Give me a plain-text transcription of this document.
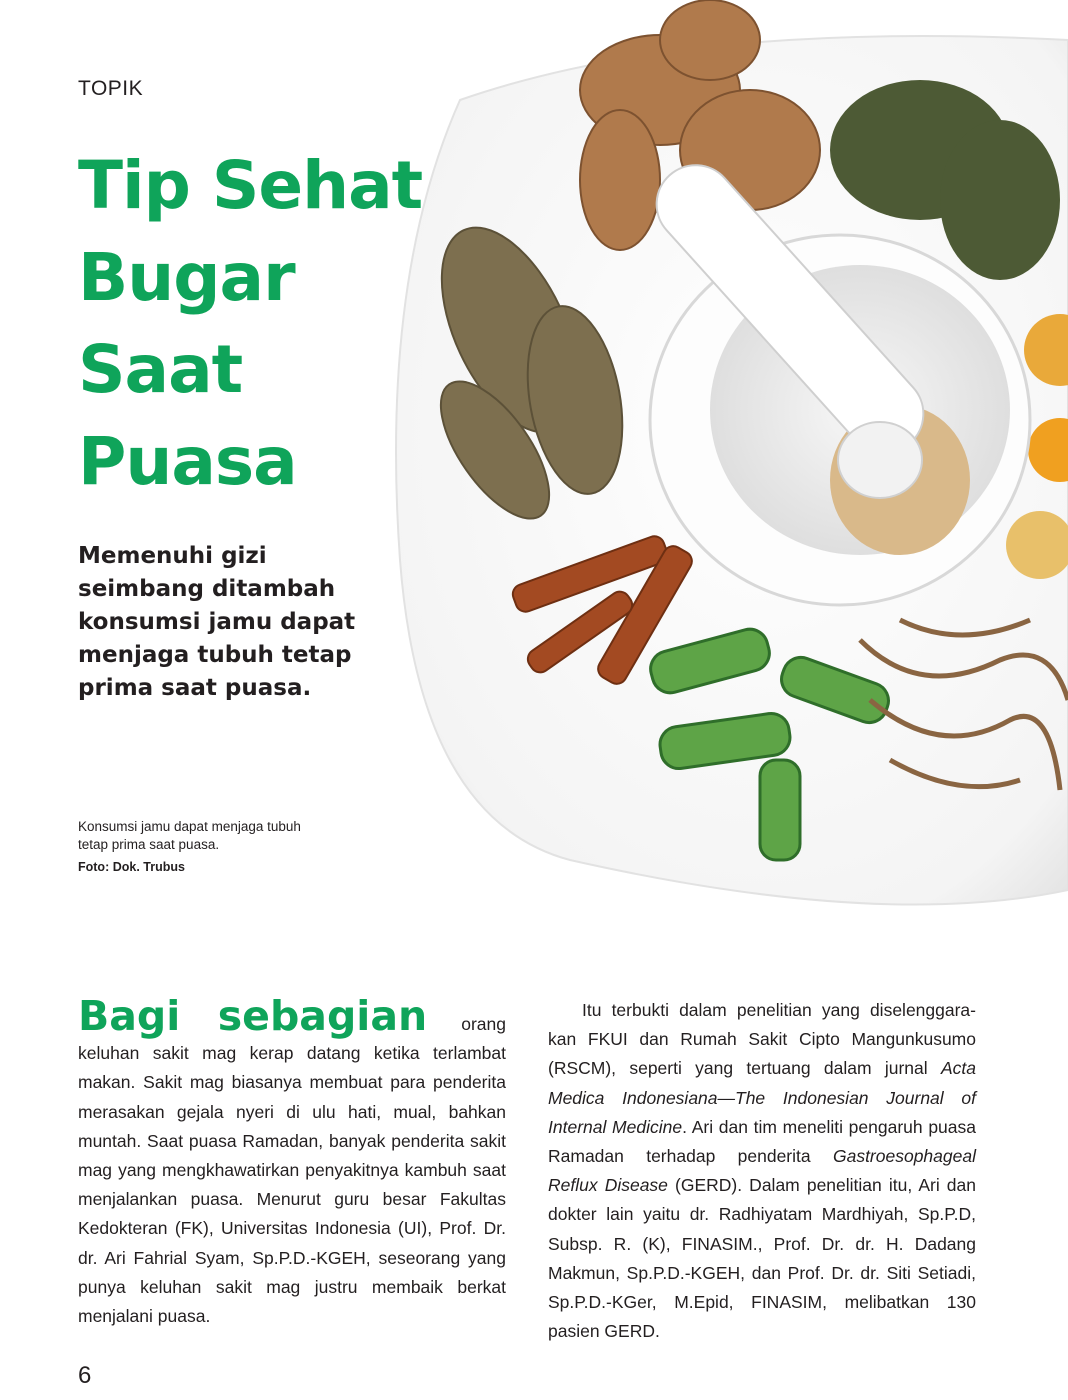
TOPIK
Tip Sehat
Bugar
Saat
Puasa
Memenuhi gizi
seimbang ditambah
konsumsi jamu dapat
menjaga tubuh tetap
prima saat puasa.
Konsumsi jamu dapat menjaga tubuh tetap prima saat puasa.
Foto: Dok. Trubus
Bagi sebagian orang keluhan sakit mag kerap datang ketika terlambat makan. Sakit mag biasanya membuat para penderita merasakan gejala nyeri di ulu hati, mual, bahkan muntah. Saat puasa Ramadan, banyak penderita sakit mag yang mengkhawatirkan penyakitnya kambuh saat menjalankan puasa. Menurut guru besar Fakultas Kedokteran (FK), Universitas Indonesia (UI), Prof. Dr. dr. Ari Fahrial Syam, Sp.P.D.-KGEH, seseorang yang punya keluhan sakit mag justru membaik berkat menjalani puasa.
Itu terbukti dalam penelitian yang diselenggara-kan FKUI dan Rumah Sakit Cipto Mangunkusumo (RSCM), seperti yang tertuang dalam jurnal Acta Medica Indonesiana—The Indonesian Journal of Internal Medicine. Ari dan tim meneliti pengaruh puasa Ramadan terhadap penderita Gastroesophageal Reflux Disease (GERD). Dalam penelitian itu, Ari dan dokter lain yaitu dr. Radhiyatam Mardhiyah, Sp.P.D, Subsp. R. (K), FINASIM., Prof. Dr. dr. H. Dadang Makmun, Sp.P.D.-KGEH, dan Prof. Dr. dr. Siti Setiadi, Sp.P.D.-KGer, M.Epid, FINASIM, melibatkan 130 pasien GERD.
6
